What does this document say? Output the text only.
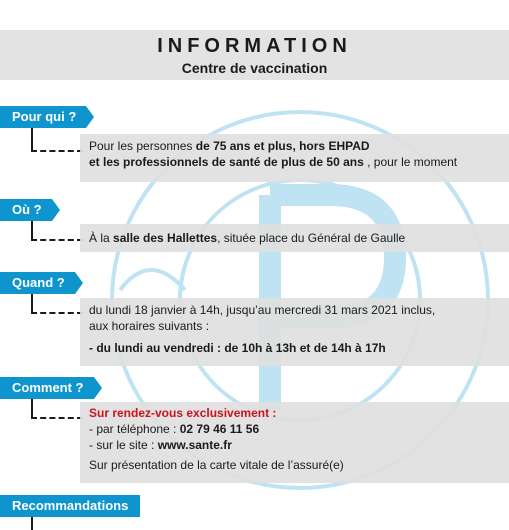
INFORMATION
Centre de vaccination
Pour qui ?
Pour les personnes de 75 ans et plus, hors EHPAD
et les professionnels de santé de plus de 50 ans , pour le moment
Où ?
À la salle des Hallettes, située place du Général de Gaulle
Quand ?
du lundi 18 janvier à 14h, jusqu’au mercredi 31 mars 2021 inclus,
aux horaires suivants :
- du lundi au vendredi : de 10h à 13h et de 14h à 17h
Comment ?
Sur rendez-vous exclusivement :
- par téléphone : 02 79 46 11 56
- sur le site : www.sante.fr
Sur présentation de la carte vitale de l’assuré(e)
Recommandations
